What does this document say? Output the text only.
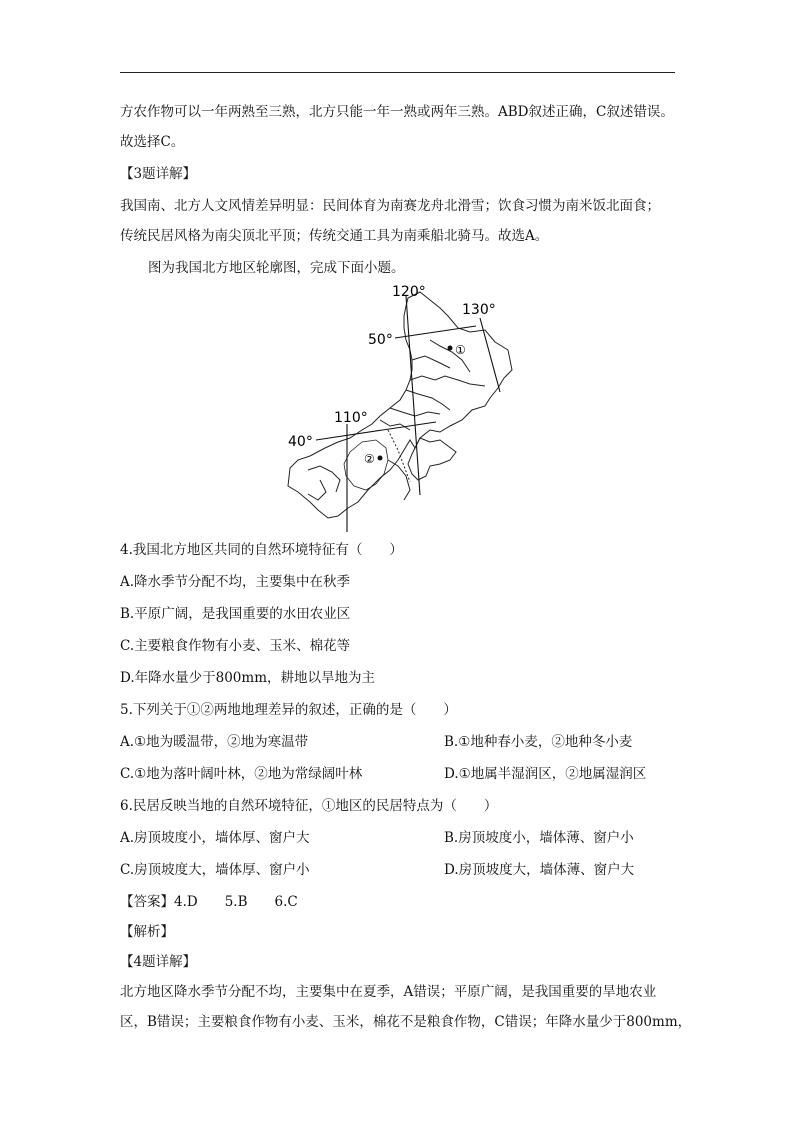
方农作物可以一年两熟至三熟，北方只能一年一熟或两年三熟。ABD叙述正确，C叙述错误。
故选择C。
【3题详解】
我国南、北方人文风情差异明显：民间体育为南赛龙舟北滑雪；饮食习惯为南米饭北面食；
传统民居风格为南尖顶北平顶；传统交通工具为南乘船北骑马。故选A。
图为我国北方地区轮廓图，完成下面小题。
120°
130°
50°
110°
40°
①
②
4.我国北方地区共同的自然环境特征有（　　）
A.降水季节分配不均，主要集中在秋季
B.平原广阔，是我国重要的水田农业区
C.主要粮食作物有小麦、玉米、棉花等
D.年降水量少于800mm，耕地以旱地为主
5.下列关于①②两地地理差异的叙述，正确的是（　　）
A.①地为暖温带，②地为寒温带	B.①地种春小麦，②地种冬小麦
C.①地为落叶阔叶林，②地为常绿阔叶林	D.①地属半湿润区，②地属湿润区
6.民居反映当地的自然环境特征，①地区的民居特点为（　　）
A.房顶坡度小，墙体厚、窗户大	B.房顶坡度小，墙体薄、窗户小
C.房顶坡度大，墙体厚、窗户小	D.房顶坡度大，墙体薄、窗户大
【答案】4.D　　5.B　　6.C
【解析】
【4题详解】
北方地区降水季节分配不均，主要集中在夏季，A错误；平原广阔，是我国重要的旱地农业
区，B错误；主要粮食作物有小麦、玉米，棉花不是粮食作物，C错误；年降水量少于800mm，
